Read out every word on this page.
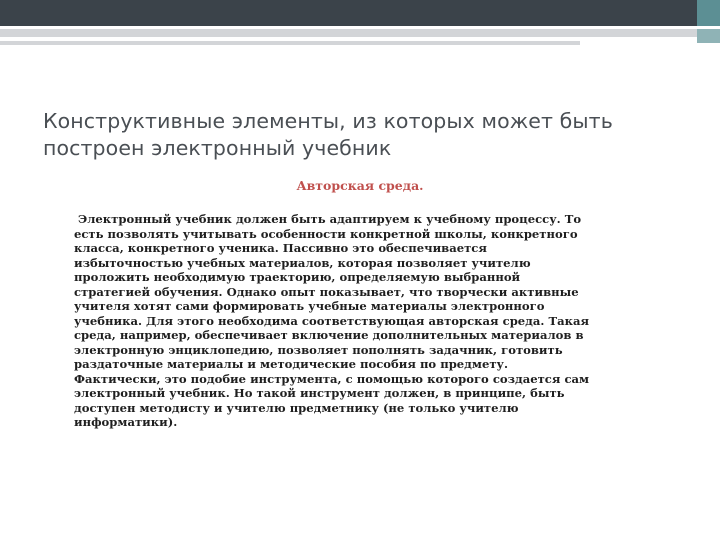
Конструктивные элементы, из которых может быть построен электронный учебник

Авторская среда.

Электронный учебник должен быть адаптируем к учебному процессу. То
есть позволять учитывать особенности конкретной школы, конкретного
класса, конкретного ученика. Пассивно это обеспечивается
избыточностью учебных материалов, которая позволяет учителю
проложить необходимую траекторию, определяемую выбранной
стратегией обучения. Однако опыт показывает, что творчески активные
учителя хотят сами формировать учебные материалы электронного
учебника. Для этого необходима соответствующая авторская среда. Такая
среда, например, обеспечивает включение дополнительных материалов в
электронную энциклопедию, позволяет пополнять задачник, готовить
раздаточные материалы и методические пособия по предмету.
Фактически, это подобие инструмента, с помощью которого создается сам
электронный учебник. Но такой инструмент должен, в принципе, быть
доступен методисту и учителю предметнику (не только учителю
информатики).
